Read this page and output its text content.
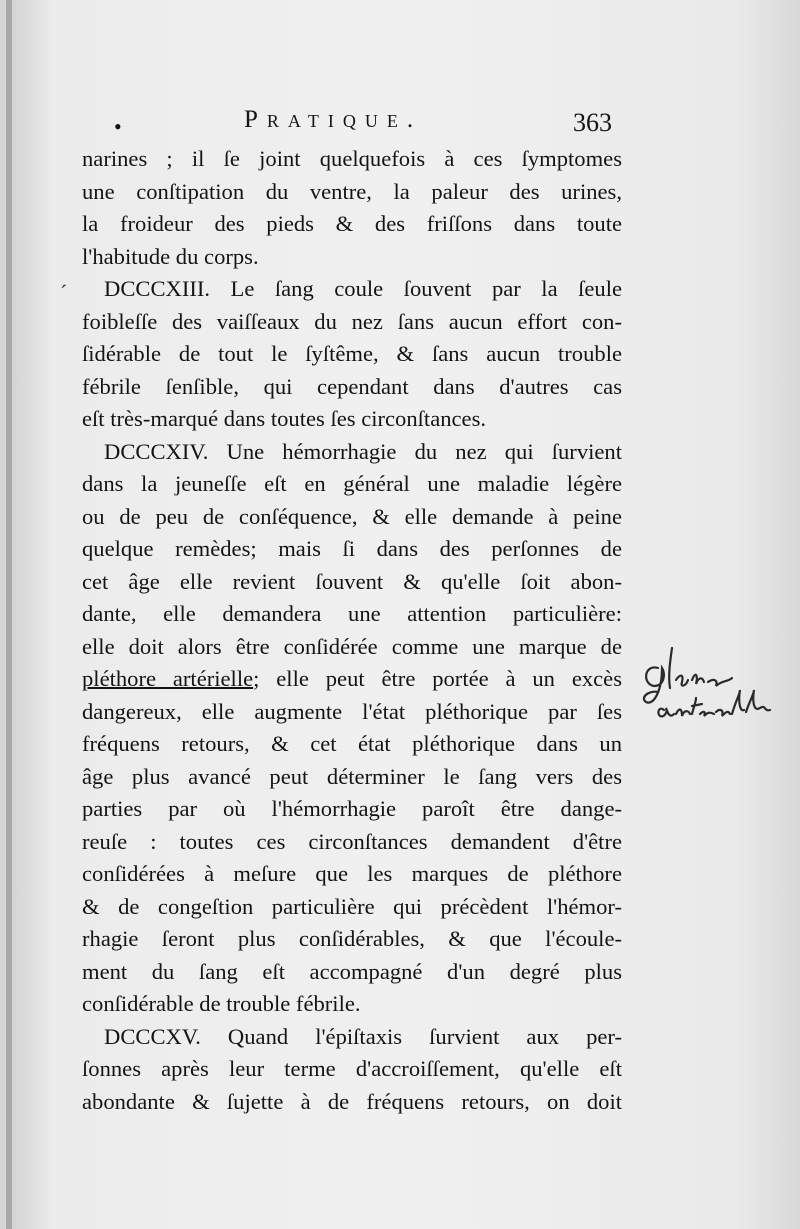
•	Pratique.	363
narines ; il ſe joint quelquefois à ces ſymptomes
une conſtipation du ventre, la paleur des urines,
la froideur des pieds & des friſſons dans toute
l'habitude du corps.
DCCCXIII. Le ſang coule ſouvent par la ſeule
foibleſſe des vaiſſeaux du nez ſans aucun effort con-
ſidérable de tout le ſyſtême, & ſans aucun trouble
fébrile ſenſible, qui cependant dans d'autres cas
eſt très-marqué dans toutes ſes circonſtances.
DCCCXIV. Une hémorrhagie du nez qui ſurvient
dans la jeuneſſe eſt en général une maladie légère
ou de peu de conſéquence, & elle demande à peine
quelque remèdes; mais ſi dans des perſonnes de
cet âge elle revient ſouvent & qu'elle ſoit abon-
dante, elle demandera une attention particulière:
elle doit alors être conſidérée comme une marque de
pléthore artérielle; elle peut être portée à un excès
dangereux, elle augmente l'état pléthorique par ſes
fréquens retours, & cet état pléthorique dans un
âge plus avancé peut déterminer le ſang vers des
parties par où l'hémorrhagie paroît être dange-
reuſe : toutes ces circonſtances demandent d'être
conſidérées à meſure que les marques de pléthore
& de congeſtion particulière qui précèdent l'hémor-
rhagie ſeront plus conſidérables, & que l'écoule-
ment du ſang eſt accompagné d'un degré plus
conſidérable de trouble fébrile.
DCCCXV. Quand l'épiſtaxis ſurvient aux per-
ſonnes après leur terme d'accroiſſement, qu'elle eſt
abondante & ſujette à de fréquens retours, on doit
´
